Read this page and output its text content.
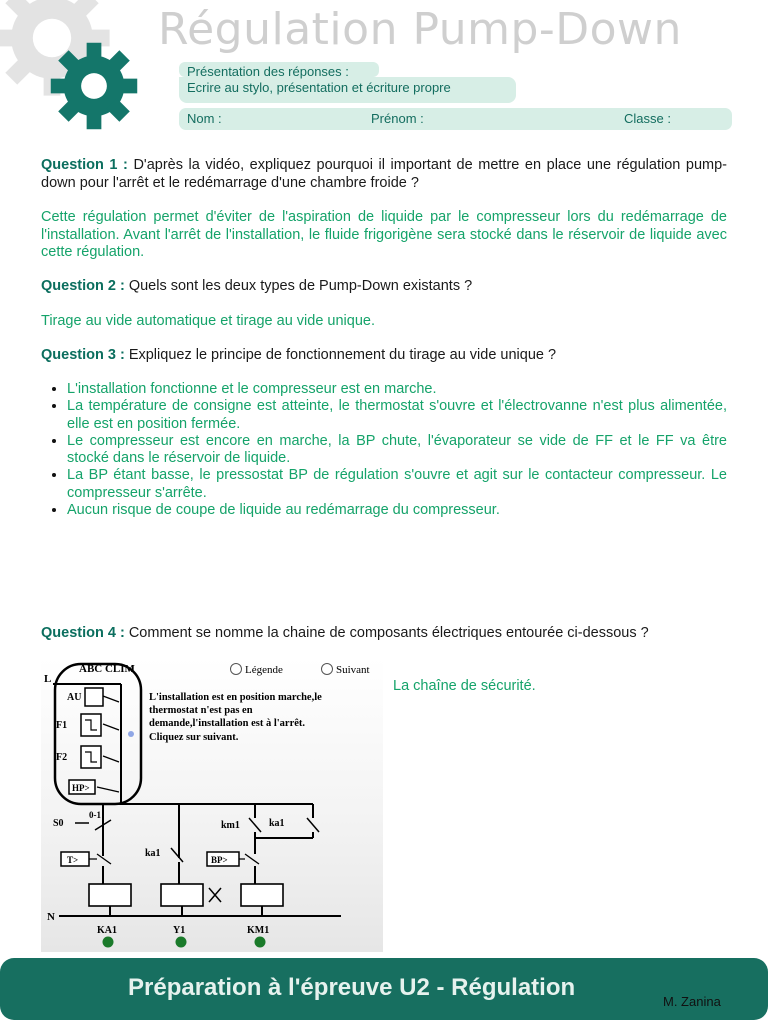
Régulation Pump-Down
Présentation des réponses :
Ecrire au stylo, présentation et écriture propre
Nom :	Prénom :	Classe :
Question 1 : D'après la vidéo, expliquez pourquoi il important de mettre en place une régulation pump-down pour l'arrêt et le redémarrage d'une chambre froide ?
Cette régulation permet d'éviter de l'aspiration de liquide par le compresseur lors du redémarrage de l'installation. Avant l'arrêt de l'installation, le fluide frigorigène sera stocké dans le réservoir de liquide avec cette régulation.
Question 2 : Quels sont les deux types de Pump-Down existants ?
Tirage au vide automatique et tirage au vide unique.
Question 3 : Expliquez le principe de fonctionnement du tirage au vide unique ?
• L'installation fonctionne et le compresseur est en marche.
• La température de consigne est atteinte, le thermostat s'ouvre et l'électrovanne n'est plus alimentée, elle est en position fermée.
• Le compresseur est encore en marche, la BP chute, l'évaporateur se vide de FF et le FF va être stocké dans le réservoir de liquide.
• La BP étant basse, le pressostat BP de régulation s'ouvre et agit sur le contacteur compresseur. Le compresseur s'arrête.
• Aucun risque de coupe de liquide au redémarrage du compresseur.
Question 4 : Comment se nomme la chaine de composants électriques entourée ci-dessous ?
ABC CLIM	Légende	Suivant
L'installation est en position marche,le
thermostat n'est pas en
demande,l'installation est à l'arrêt.
Cliquez sur suivant.
L
AU
F1
F2
HP>
S0
0-1
T>
ka1
km1	ka1
BP>
N
KA1	Y1	KM1
La chaîne de sécurité.
Préparation à l'épreuve U2 - Régulation
M. Zanina
